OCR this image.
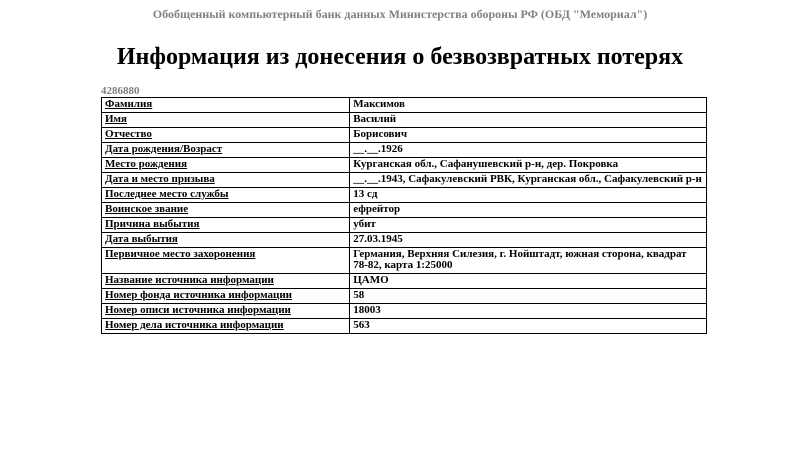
Обобщенный компьютерный банк данных Министерства обороны РФ (ОБД "Мемориал")
Информация из донесения о безвозвратных потерях
4286880
Фамилия	Максимов
Имя	Василий
Отчество	Борисович
Дата рождения/Возраст	__.__.1926
Место рождения	Курганская обл., Сафанушевский р-н, дер. Покровка
Дата и место призыва	__.__.1943, Сафакулевский РВК, Курганская обл., Сафакулевский р-н
Последнее место службы	13 сд
Воинское звание	ефрейтор
Причина выбытия	убит
Дата выбытия	27.03.1945
Первичное место захоронения	Германия, Верхняя Силезия, г. Нойштадт, южная сторона, квадрат 78-82, карта 1:25000
Название источника информации	ЦАМО
Номер фонда источника информации	58
Номер описи источника информации	18003
Номер дела источника информации	563
